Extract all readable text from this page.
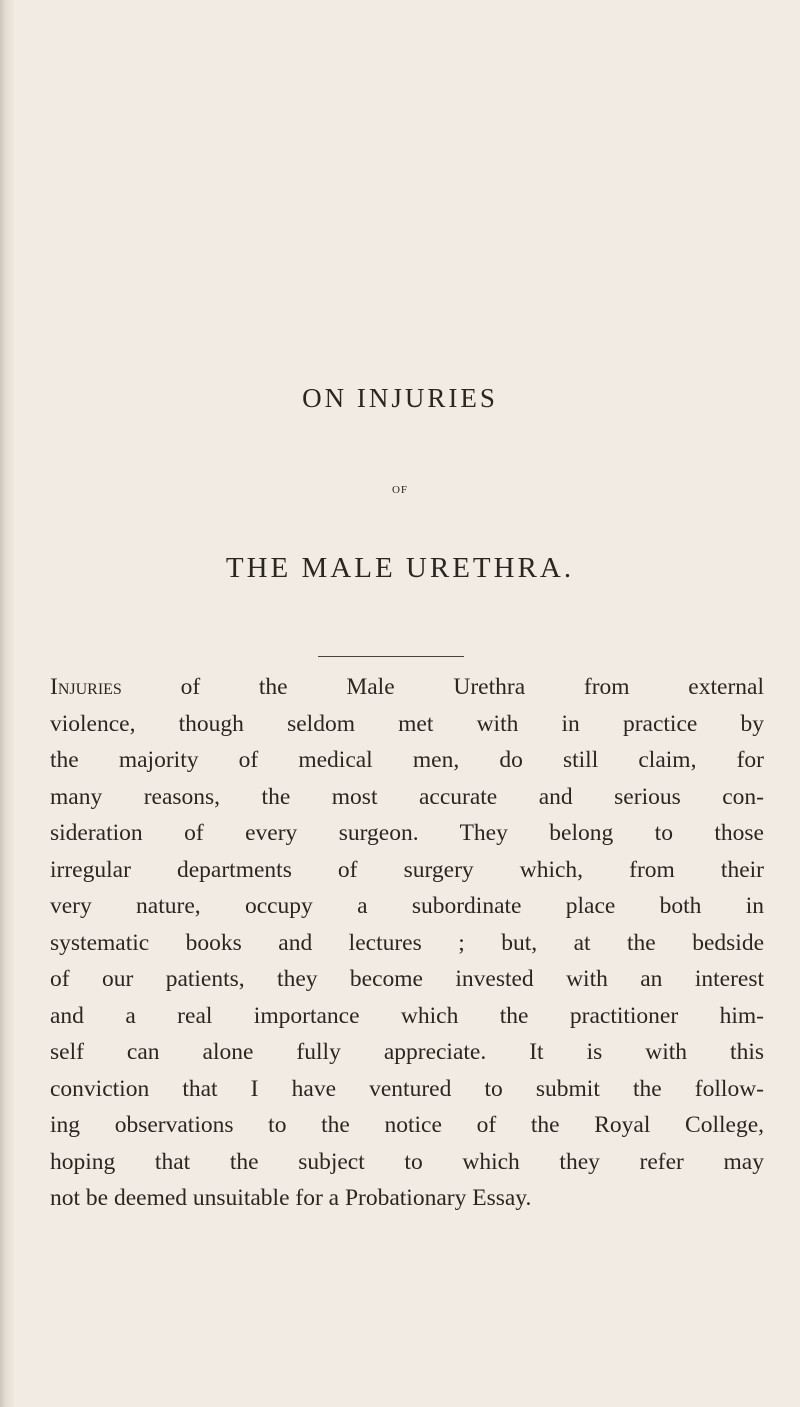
ON INJURIES
OF
THE MALE URETHRA.
Injuries of the Male Urethra from external
violence, though seldom met with in practice by
the majority of medical men, do still claim, for
many reasons, the most accurate and serious con-
sideration of every surgeon. They belong to those
irregular departments of surgery which, from their
very nature, occupy a subordinate place both in
systematic books and lectures ; but, at the bedside
of our patients, they become invested with an interest
and a real importance which the practitioner him-
self can alone fully appreciate. It is with this
conviction that I have ventured to submit the follow-
ing observations to the notice of the Royal College,
hoping that the subject to which they refer may
not be deemed unsuitable for a Probationary Essay.
